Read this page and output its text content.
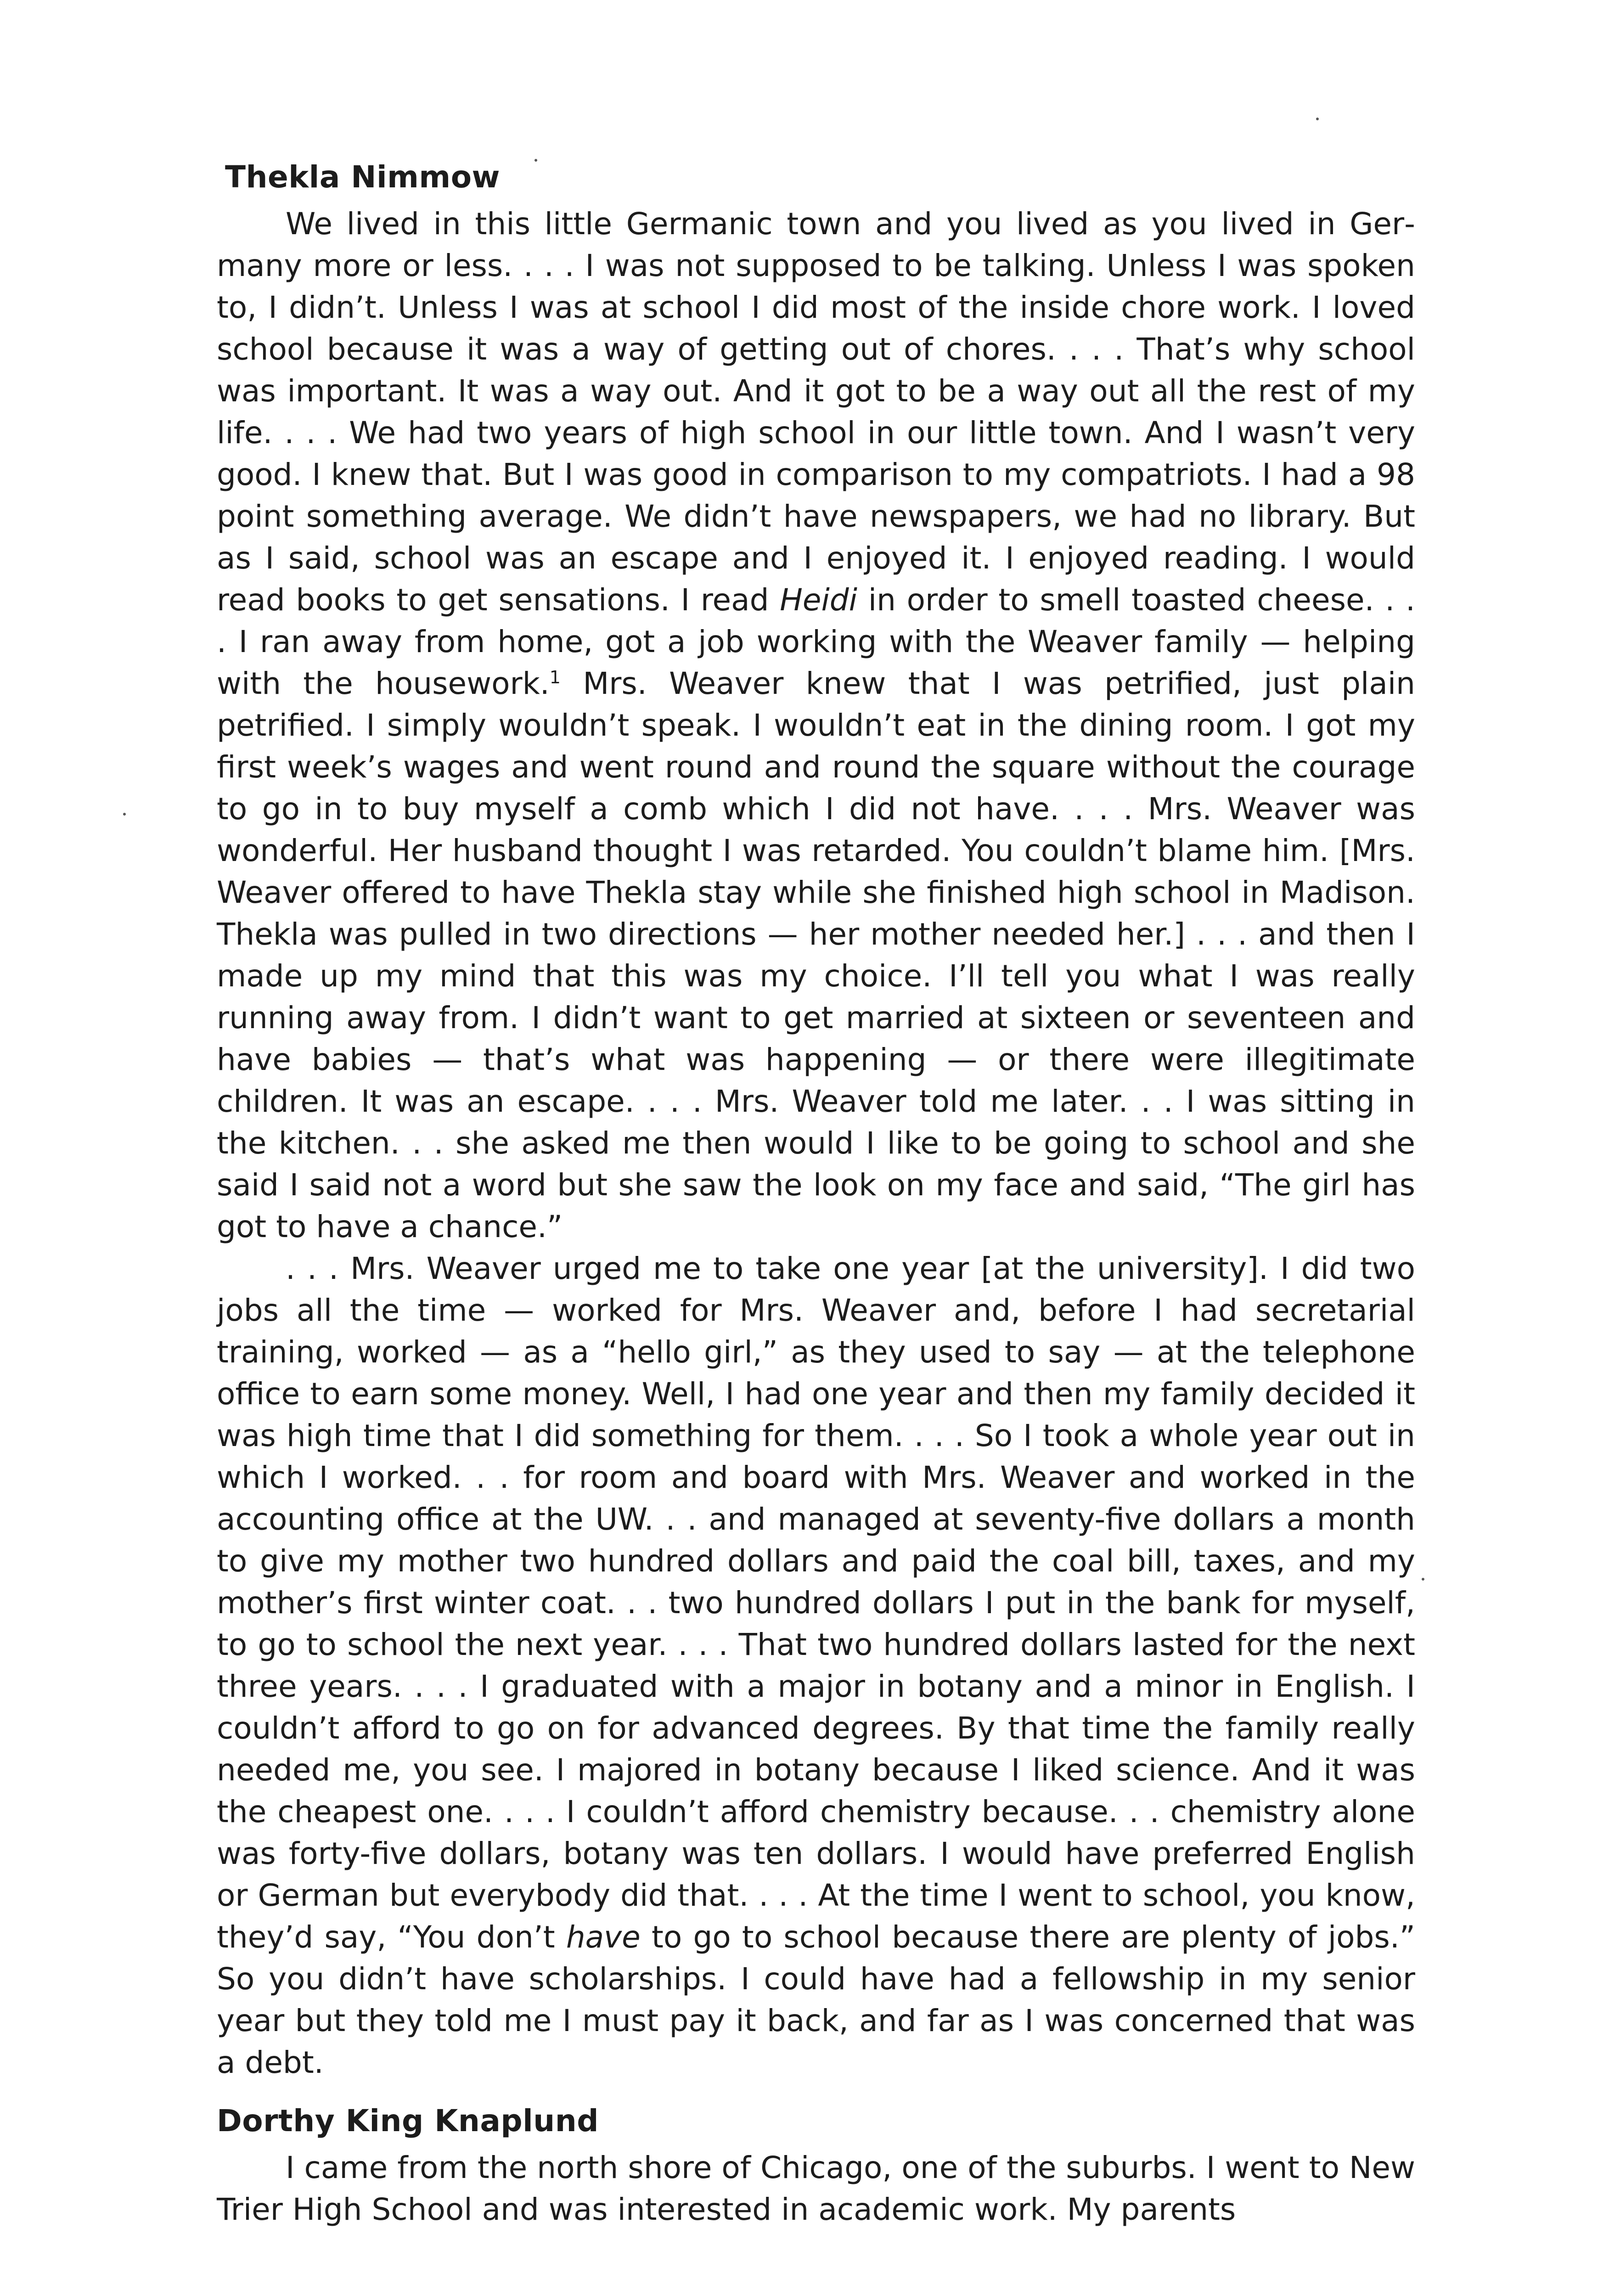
Thekla Nimmow

We lived in this little Germanic town and you lived as you lived in Germany more or less. . . . I was not supposed to be talking. Unless I was spoken to, I didn’t. Unless I was at school I did most of the inside chore work. I loved school because it was a way of getting out of chores. . . . That’s why school was important. It was a way out. And it got to be a way out all the rest of my life. . . . We had two years of high school in our little town. And I wasn’t very good. I knew that. But I was good in comparison to my compatriots. I had a 98 point something average. We didn’t have newspapers, we had no library. But as I said, school was an escape and I enjoyed it. I enjoyed reading. I would read books to get sensations. I read Heidi in order to smell toasted cheese. . . . I ran away from home, got a job working with the Weaver family — helping with the housework.$^1$ Mrs. Weaver knew that I was petrified, just plain petrified. I simply wouldn’t speak. I wouldn’t eat in the dining room. I got my first week’s wages and went round and round the square without the courage to go in to buy myself a comb which I did not have. . . . Mrs. Weaver was wonderful. Her husband thought I was retarded. You couldn’t blame him. [Mrs. Weaver offered to have Thekla stay while she finished high school in Madison. Thekla was pulled in two directions — her mother needed her.] . . . and then I made up my mind that this was my choice. I’ll tell you what I was really running away from. I didn’t want to get married at sixteen or seventeen and have babies — that’s what was happening — or there were illegitimate children. It was an escape. . . . Mrs. Weaver told me later. . . I was sitting in the kitchen. . . she asked me then would I like to be going to school and she said I said not a word but she saw the look on my face and said, “The girl has got to have a chance.”

. . . Mrs. Weaver urged me to take one year [at the university]. I did two jobs all the time — worked for Mrs. Weaver and, before I had secretarial training, worked — as a “hello girl,” as they used to say — at the telephone office to earn some money. Well, I had one year and then my family decided it was high time that I did something for them. . . . So I took a whole year out in which I worked. . . for room and board with Mrs. Weaver and worked in the accounting office at the UW. . . and managed at seventy-five dollars a month to give my mother two hundred dollars and paid the coal bill, taxes, and my mother’s first winter coat. . . two hundred dollars I put in the bank for myself, to go to school the next year. . . . That two hundred dollars lasted for the next three years. . . . I graduated with a major in botany and a minor in English. I couldn’t afford to go on for advanced degrees. By that time the family really needed me, you see. I majored in botany because I liked science. And it was the cheapest one. . . . I couldn’t afford chemistry because. . . chemistry alone was forty-five dollars, botany was ten dollars. I would have preferred English or German but everybody did that. . . . At the time I went to school, you know, they’d say, “You don’t have to go to school because there are plenty of jobs.” So you didn’t have scholarships. I could have had a fellowship in my senior year but they told me I must pay it back, and far as I was concerned that was a debt.

Dorthy King Knaplund

I came from the north shore of Chicago, one of the suburbs. I went to New Trier High School and was interested in academic work. My parents
